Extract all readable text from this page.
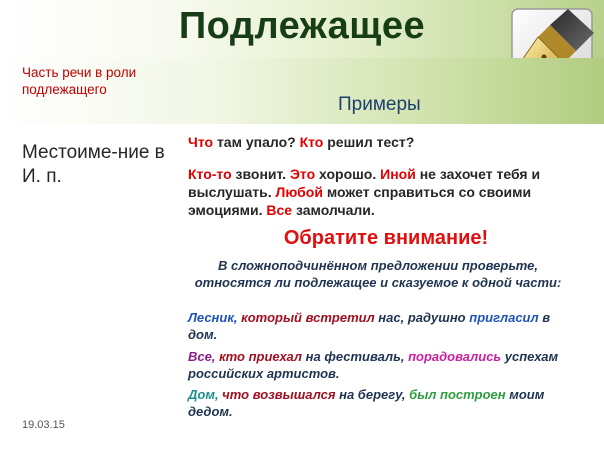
Подлежащее
Часть речи в роли подлежащего
Примеры
Местоиме-ние в И. п.
Что там упало? Кто решил тест?
Кто-то звонит. Это хорошо. Иной не захочет тебя и выслушать. Любой может справиться со своими эмоциями. Все замолчали.
Обратите внимание!
В сложноподчинённом предложении проверьте, относятся ли подлежащее и сказуемое к одной части:
Лесник, который встретил нас, радушно пригласил в дом.
Все, кто приехал на фестиваль, порадовались успехам российских артистов.
Дом, что возвышался на берегу, был построен моим дедом.
19.03.15
